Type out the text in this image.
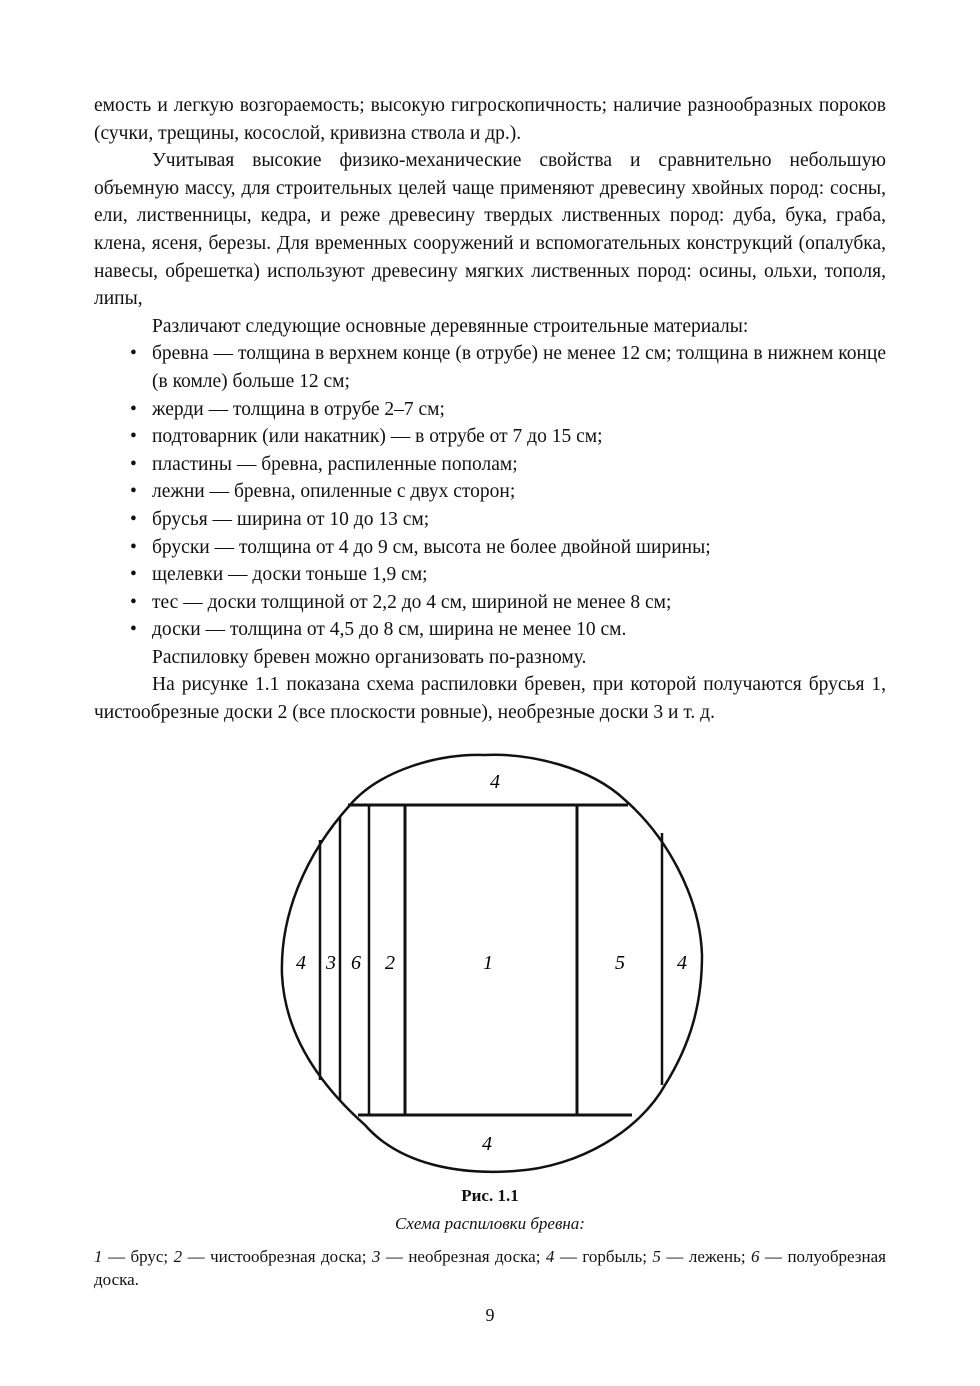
емость и легкую возгораемость; высокую гигроскопичность; наличие разнообразных пороков (сучки, трещины, косослой, кривизна ствола и др.).

Учитывая высокие физико-механические свойства и сравнительно небольшую объемную массу, для строительных целей чаще применяют древесину хвойных пород: сосны, ели, лиственницы, кедра, и реже древесину твердых лиственных пород: дуба, бука, граба, клена, ясеня, березы. Для временных сооружений и вспомогательных конструкций (опалубка, навесы, обрешетка) используют древесину мягких лиственных пород: осины, ольхи, тополя, липы,

Различают следующие основные деревянные строительные материалы:

• бревна — толщина в верхнем конце (в отрубе) не менее 12 см; толщина в нижнем конце (в комле) больше 12 см;
• жерди — толщина в отрубе 2–7 см;
• подтоварник (или накатник) — в отрубе от 7 до 15 см;
• пластины — бревна, распиленные пополам;
• лежни — бревна, опиленные с двух сторон;
• брусья — ширина от 10 до 13 см;
• бруски — толщина от 4 до 9 см, высота не более двойной ширины;
• щелевки — доски тоньше 1,9 см;
• тес — доски толщиной от 2,2 до 4 см, шириной не менее 8 см;
• доски — толщина от 4,5 до 8 см, ширина не менее 10 см.

Распиловку бревен можно организовать по-разному.

На рисунке 1.1 показана схема распиловки бревен, при которой получаются брусья 1, чистообрезные доски 2 (все плоскости ровные), необрезные доски 3 и т. д.

4
4 3 6 2	1	5	4
4
Рис. 1.1
Схема распиловки бревна:
1 — брус; 2 — чистообрезная доска; 3 — необрезная доска; 4 — горбыль; 5 — лежень; 6 — полуобрезная доска.
9
